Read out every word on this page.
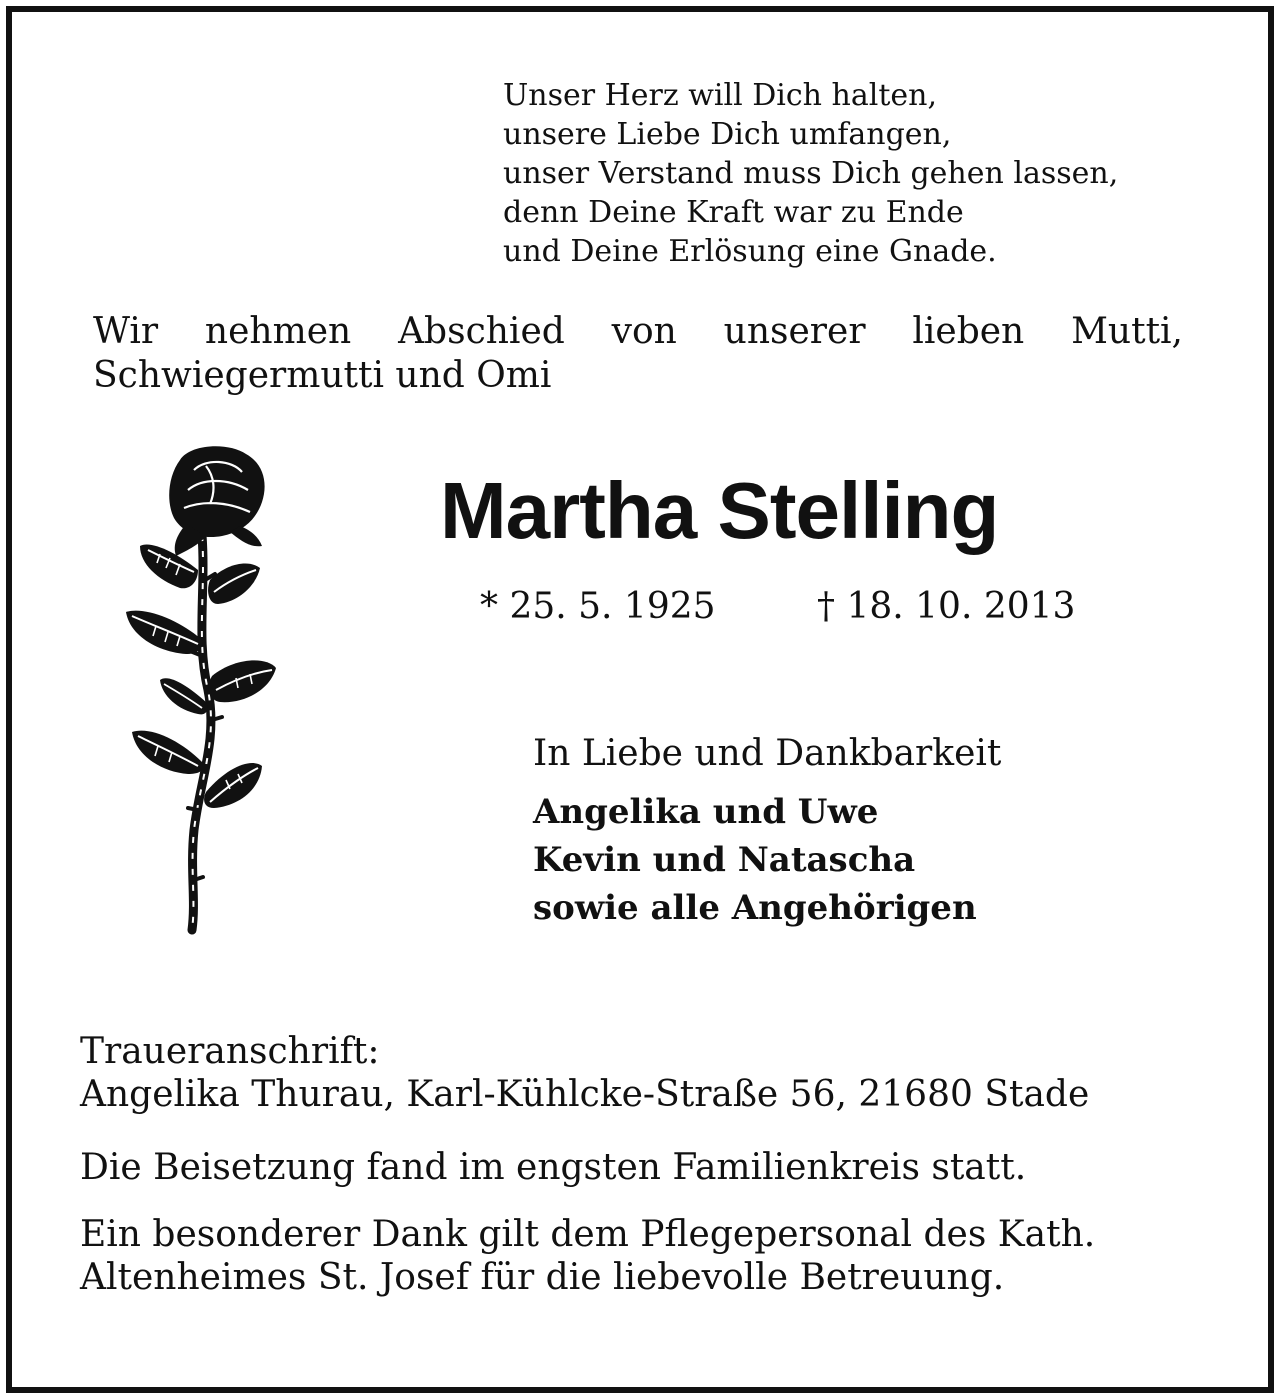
Unser Herz will Dich halten,
unsere Liebe Dich umfangen,
unser Verstand muss Dich gehen lassen,
denn Deine Kraft war zu Ende
und Deine Erlösung eine Gnade.
Wir nehmen Abschied von unserer lieben Mutti,
Schwiegermutti und Omi
Martha Stelling
* 25. 5. 1925	† 18. 10. 2013
In Liebe und Dankbarkeit
Angelika und Uwe
Kevin und Natascha
sowie alle Angehörigen
Traueranschrift:
Angelika Thurau, Karl-Kühlcke-Straße 56, 21680 Stade
Die Beisetzung fand im engsten Familienkreis statt.
Ein besonderer Dank gilt dem Pflegepersonal des Kath.
Altenheimes St. Josef für die liebevolle Betreuung.
